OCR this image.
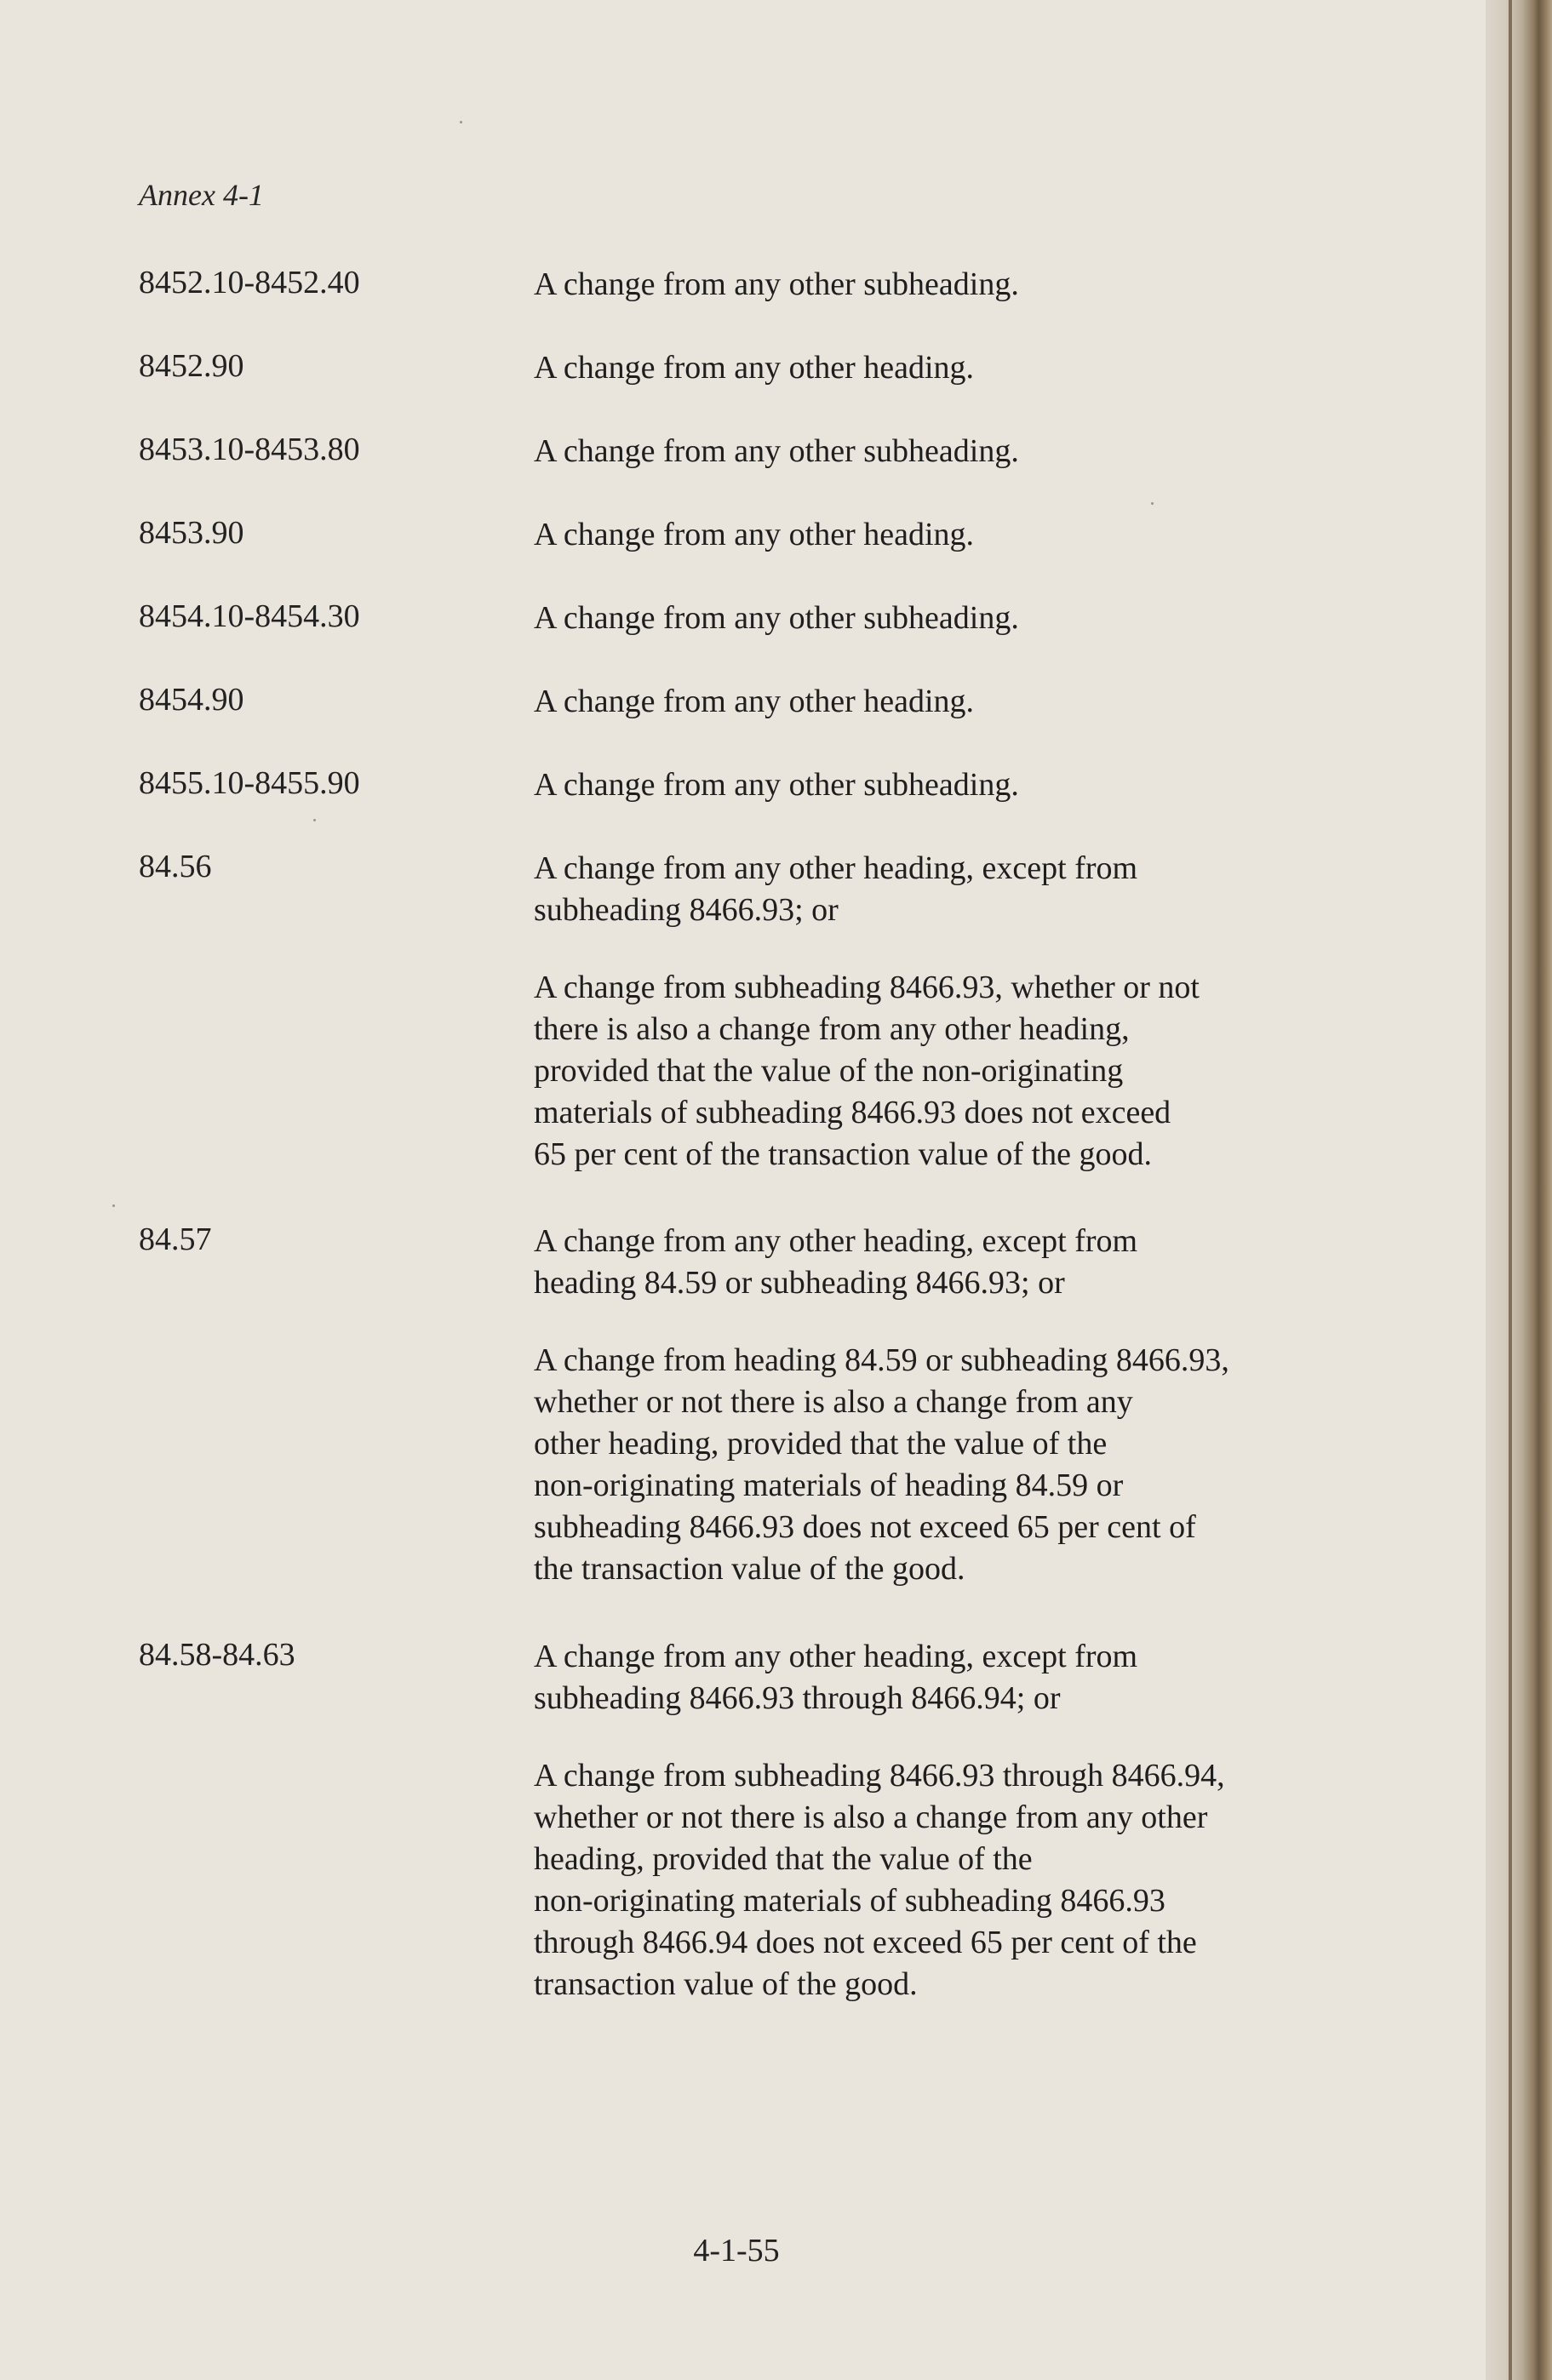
Annex 4-1
8452.10-8452.40	A change from any other subheading.

8452.90	A change from any other heading.

8453.10-8453.80	A change from any other subheading.

8453.90	A change from any other heading.

8454.10-8454.30	A change from any other subheading.

8454.90	A change from any other heading.

8455.10-8455.90	A change from any other subheading.

84.56	A change from any other heading, except from
subheading 8466.93; or

A change from subheading 8466.93, whether or not
there is also a change from any other heading,
provided that the value of the non-originating
materials of subheading 8466.93 does not exceed
65 per cent of the transaction value of the good.

84.57	A change from any other heading, except from
heading 84.59 or subheading 8466.93; or

A change from heading 84.59 or subheading 8466.93,
whether or not there is also a change from any
other heading, provided that the value of the
non-originating materials of heading 84.59 or
subheading 8466.93 does not exceed 65 per cent of
the transaction value of the good.

84.58-84.63	A change from any other heading, except from
subheading 8466.93 through 8466.94; or

A change from subheading 8466.93 through 8466.94,
whether or not there is also a change from any other
heading, provided that the value of the
non-originating materials of subheading 8466.93
through 8466.94 does not exceed 65 per cent of the
transaction value of the good.

4-1-55
